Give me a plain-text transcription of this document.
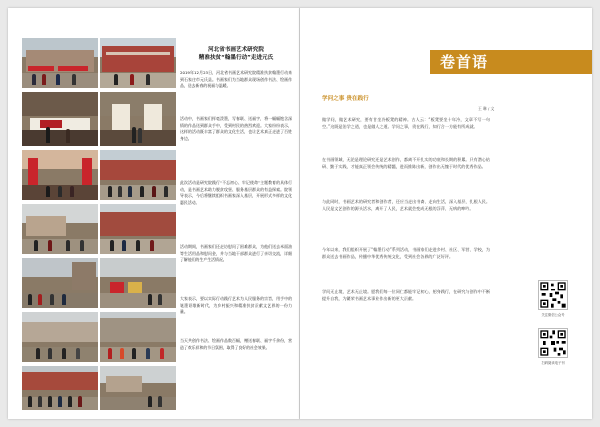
河北省书画艺术研究院
精准扶贫“翰墨行动”走进元氏

2019年12月23日，河北省书画艺术研究院精准扶贫翰墨行动来到石家庄市元氏县。书画家们为当地群众现场创作书法、绘画作品，送去新春的祝福与温暖。

活动中，书画家们挥毫泼墨，写春联、送福字，将一幅幅饱含深情的作品送到群众手中，受到村民的热烈欢迎。大家纷纷表示，这样的活动既丰富了群众的文化生活，也让艺术真正走进了百姓身边。

此次活动是研究院践行“不忘初心、牢记使命”主题教育的具体行动，是书画艺术助力脱贫攻坚、服务基层群众的有益探索。院领导表示，今后将继续组织书画家深入基层，开展形式多样的文化惠民活动。

活动期间，书画家们还走访慰问了困难群众，为他们送去米面油等生活用品和慰问金，并与当地干部群众进行了亲切交流，详细了解他们的生产生活情况。

大家表示，要以实际行动践行艺术为人民服务的宗旨，用手中的笔墨讴歌新时代，为乡村振兴和精准扶贫贡献文艺界的一份力量。

当天共创作书法、绘画作品数百幅，赠送春联、福字千余份，营造了欢乐祥和的节日氛围，取得了良好的社会效果。

卷首语
学问之事 贵在践行
王 琳 / 文

做学问，做艺术研究，要有甘坐冷板凳的精神。古人云：“板凳要坐十年冷，文章不写一句空。”这既是治学之道，也是做人之道。学问之事，贵在践行，知行合一方能有所成就。

在书画领域，无论是理论研究还是艺术创作，都离不开扎实的功底和长期的积累。只有潜心钻研、勤于实践，才能真正领会传统的精髓，进而推陈出新，创作出无愧于时代的优秀作品。

与此同时，书画艺术的研究者和创作者，还应当走出书斋、走向生活，深入基层、扎根人民。人民是文艺创作的源头活水，离开了人民，艺术就会变成无根的浮萍、无病的呻吟。

今年以来，我们组织开展了“翰墨行动”系列活动，书画家们走进乡村、社区、军营、学校，为群众送去书画作品，传播中华优秀传统文化，受到社会各界的广泛好评。

学问无止境，艺术无止境。愿我们每一位同仁都能牢记初心，躬身践行，在研究与创作中不断提升自我，为繁荣书画艺术事业作出新的更大贡献。

关注微信公众号
扫码阅读电子刊
